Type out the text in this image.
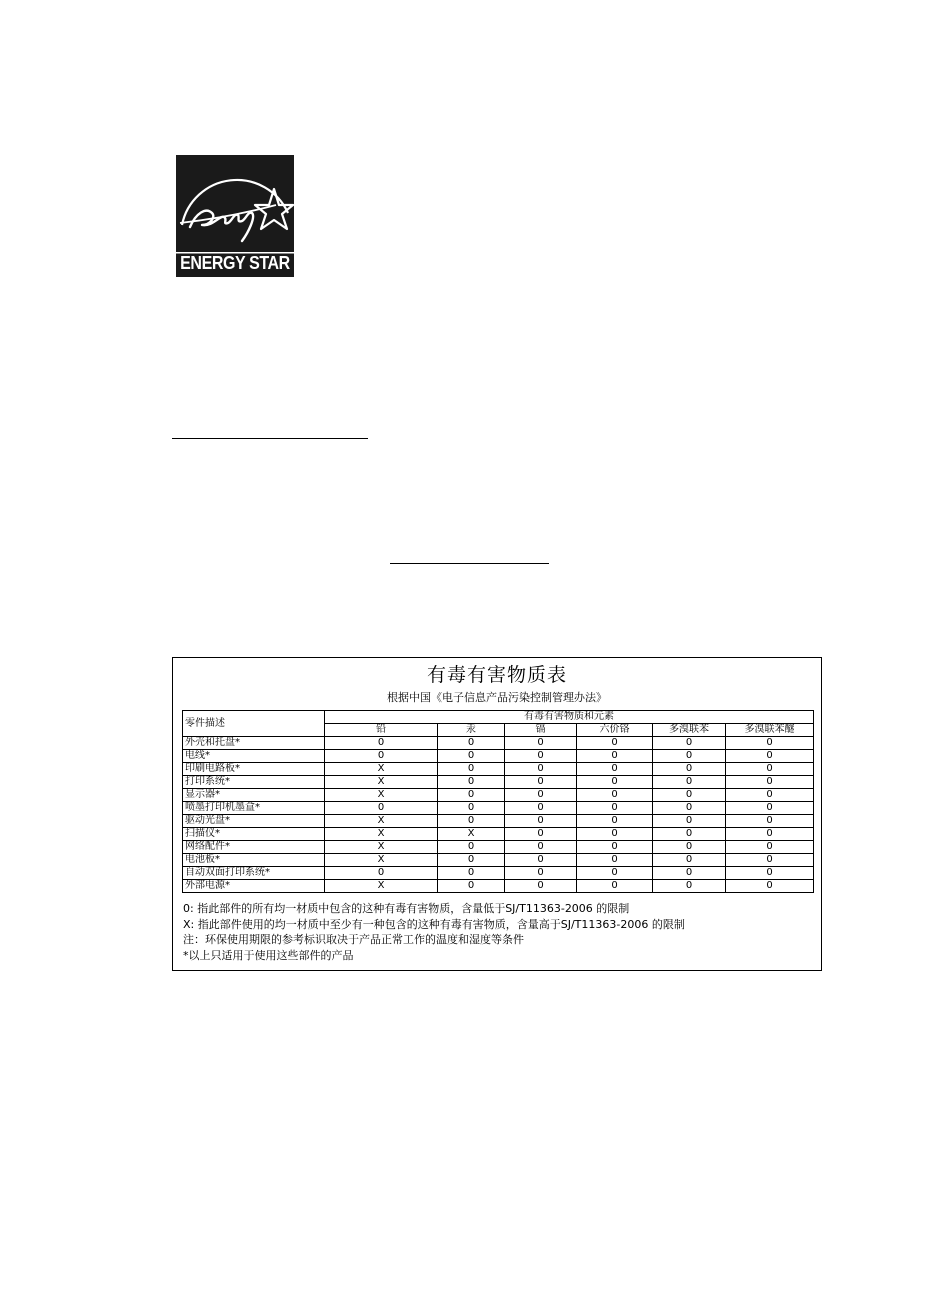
ENERGY STAR
有毒有害物质表
根据中国《电子信息产品污染控制管理办法》
零件描述	有毒有害物质和元素					
	铅	汞	镉	六价铬	多溴联苯	多溴联苯醚
外壳和托盘*	0	0	0	0	0	0
电线*	0	0	0	0	0	0
印刷电路板*	X	0	0	0	0	0
打印系统*	X	0	0	0	0	0
显示器*	X	0	0	0	0	0
喷墨打印机墨盒*	0	0	0	0	0	0
驱动光盘*	X	0	0	0	0	0
扫描仪*	X	X	0	0	0	0
网络配件*	X	0	0	0	0	0
电池板*	X	0	0	0	0	0
自动双面打印系统*	0	0	0	0	0	0
外部电源*	X	0	0	0	0	0
0: 指此部件的所有均一材质中包含的这种有毒有害物质，含量低于SJ/T11363-2006 的限制
X: 指此部件使用的均一材质中至少有一种包含的这种有毒有害物质，含量高于SJ/T11363-2006 的限制
注：环保使用期限的参考标识取决于产品正常工作的温度和湿度等条件
*以上只适用于使用这些部件的产品
